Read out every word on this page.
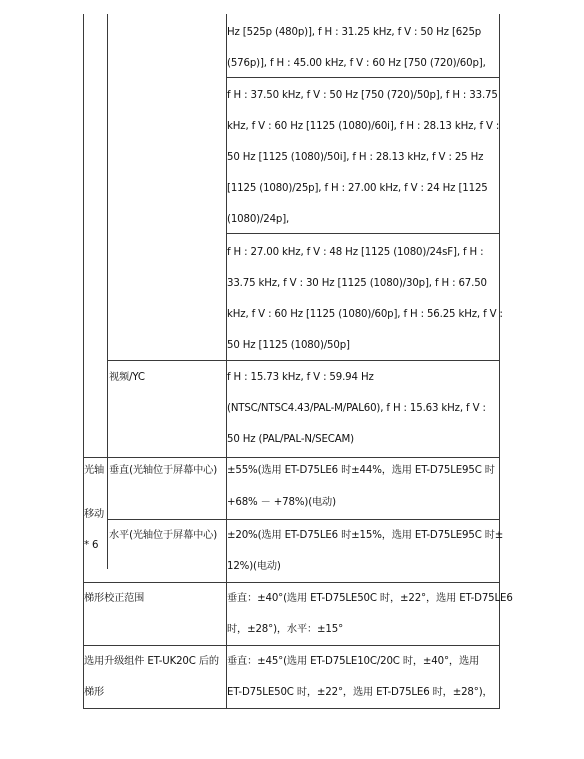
Hz [525p (480p)], f H : 31.25 kHz, f V : 50 Hz [625p
(576p)], f H : 45.00 kHz, f V : 60 Hz [750 (720)/60p],
f H : 37.50 kHz, f V : 50 Hz [750 (720)/50p], f H : 33.75
kHz, f V : 60 Hz [1125 (1080)/60i], f H : 28.13 kHz, f V :
50 Hz [1125 (1080)/50i], f H : 28.13 kHz, f V : 25 Hz
[1125 (1080)/25p], f H : 27.00 kHz, f V : 24 Hz [1125
(1080)/24p],
f H : 27.00 kHz, f V : 48 Hz [1125 (1080)/24sF], f H :
33.75 kHz, f V : 30 Hz [1125 (1080)/30p], f H : 67.50
kHz, f V : 60 Hz [1125 (1080)/60p], f H : 56.25 kHz, f V :
50 Hz [1125 (1080)/50p]
视频/YC	f H : 15.73 kHz, f V : 59.94 Hz
(NTSC/NTSC4.43/PAL-M/PAL60), f H : 15.63 kHz, f V :
50 Hz (PAL/PAL-N/SECAM)
光轴
移动
* 6
垂直(光轴位于屏幕中心) ±55%(选用 ET-D75LE6 时±44%，选用 ET-D75LE95C 时
+68% － +78%)(电动)
水平(光轴位于屏幕中心) ±20%(选用 ET-D75LE6 时±15%，选用 ET-D75LE95C 时±
12%)(电动)
梯形校正范围	垂直：±40°(选用 ET-D75LE50C 时，±22°，选用 ET-D75LE6
时，±28°)，水平：±15°
选用升级组件 ET-UK20C 后的
梯形
垂直：±45°(选用 ET-D75LE10C/20C 时，±40°，选用
ET-D75LE50C 时，±22°，选用 ET-D75LE6 时，±28°)，
